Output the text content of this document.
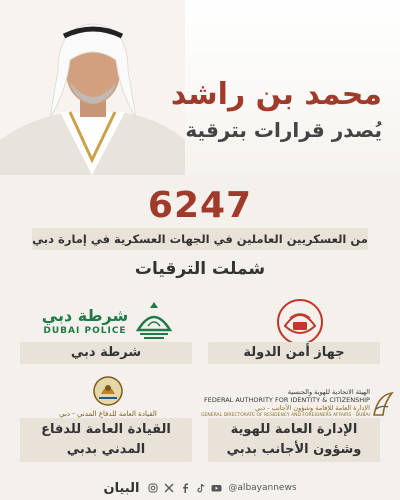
محمد بن راشد
يُصدر قرارات بترقية
6247
من العسكريين العاملين في الجهات العسكرية في إمارة دبي
شملت الترقيات
جهاز أمن الدولة
شرطة دبي
DUBAI POLICE
شرطة دبي
الهيئة الاتحادية للهوية والجنسية
FEDERAL AUTHORITY FOR IDENTITY & CITIZENSHIP
الإدارة العامة للإقامة وشؤون الأجانب - دبي
GENERAL DIRECTORATE OF RESIDENCY AND FOREIGNERS AFFAIRS - DUBAI
الإدارة العامة للهوية
وشؤون الأجانب بدبي
القيادة العامة للدفاع المدني - دبي
القيادة العامة للدفاع
المدني بدبي
البيان	@albayannews
